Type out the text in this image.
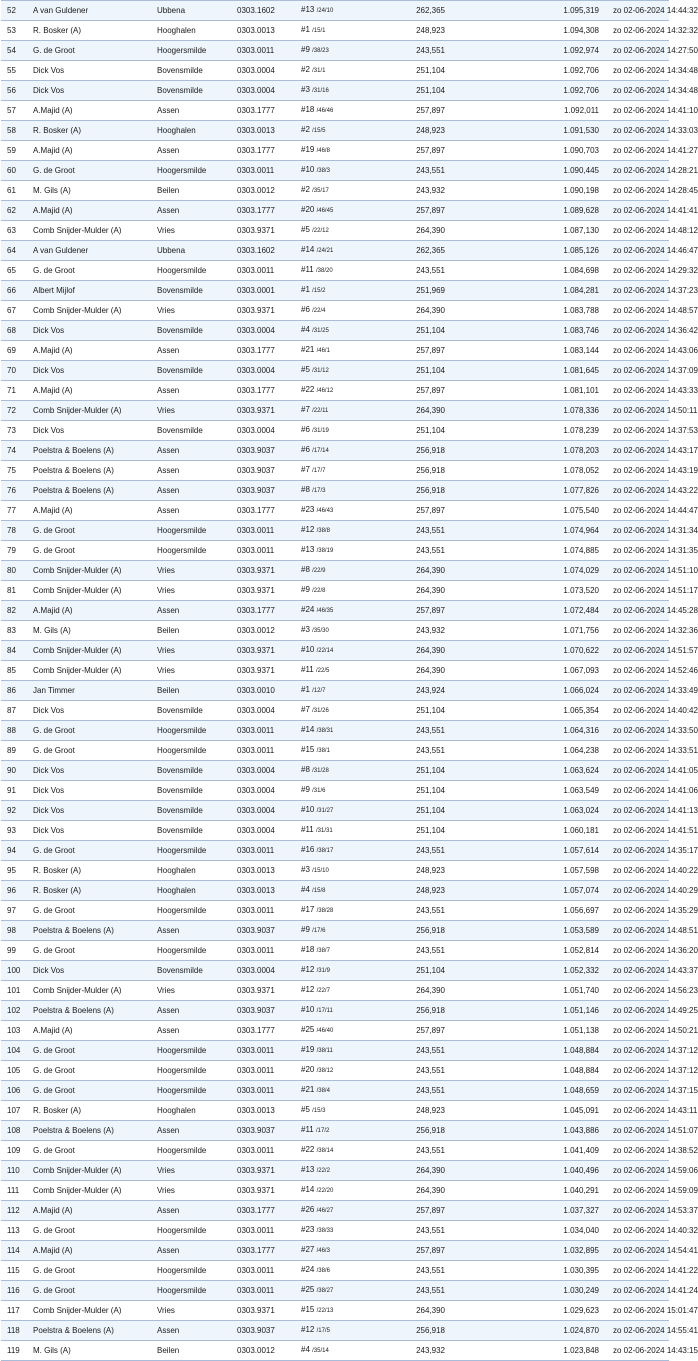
52	A van Guldener	Ubbena	0303.1602	#13 /24/10	262,365	1.095,319	zo 02-06-2024 14:44:32	
53	R. Bosker (A)	Hooghalen	0303.0013	#1 /15/1	248,923	1.094,308	zo 02-06-2024 14:32:32	
54	G. de Groot	Hoogersmilde	0303.0011	#9 /38/23	243,551	1.092,974	zo 02-06-2024 14:27:50	
55	Dick Vos	Bovensmilde	0303.0004	#2 /31/1	251,104	1.092,706	zo 02-06-2024 14:34:48	
56	Dick Vos	Bovensmilde	0303.0004	#3 /31/16	251,104	1.092,706	zo 02-06-2024 14:34:48	
57	A.Majid (A)	Assen	0303.1777	#18 /46/46	257,897	1.092,011	zo 02-06-2024 14:41:10	
58	R. Bosker (A)	Hooghalen	0303.0013	#2 /15/5	248,923	1.091,530	zo 02-06-2024 14:33:03	
59	A.Majid (A)	Assen	0303.1777	#19 /46/8	257,897	1.090,703	zo 02-06-2024 14:41:27	
60	G. de Groot	Hoogersmilde	0303.0011	#10 /38/3	243,551	1.090,445	zo 02-06-2024 14:28:21	
61	M. Gils (A)	Beilen	0303.0012	#2 /35/17	243,932	1.090,198	zo 02-06-2024 14:28:45	
62	A.Majid (A)	Assen	0303.1777	#20 /46/45	257,897	1.089,628	zo 02-06-2024 14:41:41	
63	Comb Snijder-Mulder (A)	Vries	0303.9371	#5 /22/12	264,390	1.087,130	zo 02-06-2024 14:48:12	
64	A van Guldener	Ubbena	0303.1602	#14 /24/21	262,365	1.085,126	zo 02-06-2024 14:46:47	
65	G. de Groot	Hoogersmilde	0303.0011	#11 /38/20	243,551	1.084,698	zo 02-06-2024 14:29:32	
66	Albert Mijlof	Bovensmilde	0303.0001	#1 /15/2	251,969	1.084,281	zo 02-06-2024 14:37:23	
67	Comb Snijder-Mulder (A)	Vries	0303.9371	#6 /22/4	264,390	1.083,788	zo 02-06-2024 14:48:57	
68	Dick Vos	Bovensmilde	0303.0004	#4 /31/25	251,104	1.083,746	zo 02-06-2024 14:36:42	
69	A.Majid (A)	Assen	0303.1777	#21 /46/1	257,897	1.083,144	zo 02-06-2024 14:43:06	
70	Dick Vos	Bovensmilde	0303.0004	#5 /31/12	251,104	1.081,645	zo 02-06-2024 14:37:09	
71	A.Majid (A)	Assen	0303.1777	#22 /46/12	257,897	1.081,101	zo 02-06-2024 14:43:33	
72	Comb Snijder-Mulder (A)	Vries	0303.9371	#7 /22/11	264,390	1.078,336	zo 02-06-2024 14:50:11	
73	Dick Vos	Bovensmilde	0303.0004	#6 /31/19	251,104	1.078,239	zo 02-06-2024 14:37:53	
74	Poelstra & Boelens (A)	Assen	0303.9037	#6 /17/14	256,918	1.078,203	zo 02-06-2024 14:43:17	
75	Poelstra & Boelens (A)	Assen	0303.9037	#7 /17/7	256,918	1.078,052	zo 02-06-2024 14:43:19	
76	Poelstra & Boelens (A)	Assen	0303.9037	#8 /17/3	256,918	1.077,826	zo 02-06-2024 14:43:22	
77	A.Majid (A)	Assen	0303.1777	#23 /46/43	257,897	1.075,540	zo 02-06-2024 14:44:47	
78	G. de Groot	Hoogersmilde	0303.0011	#12 /38/8	243,551	1.074,964	zo 02-06-2024 14:31:34	
79	G. de Groot	Hoogersmilde	0303.0011	#13 /38/19	243,551	1.074,885	zo 02-06-2024 14:31:35	
80	Comb Snijder-Mulder (A)	Vries	0303.9371	#8 /22/9	264,390	1.074,029	zo 02-06-2024 14:51:10	
81	Comb Snijder-Mulder (A)	Vries	0303.9371	#9 /22/8	264,390	1.073,520	zo 02-06-2024 14:51:17	
82	A.Majid (A)	Assen	0303.1777	#24 /46/35	257,897	1.072,484	zo 02-06-2024 14:45:28	
83	M. Gils (A)	Beilen	0303.0012	#3 /35/30	243,932	1.071,756	zo 02-06-2024 14:32:36	
84	Comb Snijder-Mulder (A)	Vries	0303.9371	#10 /22/14	264,390	1.070,622	zo 02-06-2024 14:51:57	
85	Comb Snijder-Mulder (A)	Vries	0303.9371	#11 /22/5	264,390	1.067,093	zo 02-06-2024 14:52:46	
86	Jan Timmer	Beilen	0303.0010	#1 /12/7	243,924	1.066,024	zo 02-06-2024 14:33:49	
87	Dick Vos	Bovensmilde	0303.0004	#7 /31/26	251,104	1.065,354	zo 02-06-2024 14:40:42	
88	G. de Groot	Hoogersmilde	0303.0011	#14 /38/31	243,551	1.064,316	zo 02-06-2024 14:33:50	
89	G. de Groot	Hoogersmilde	0303.0011	#15 /38/1	243,551	1.064,238	zo 02-06-2024 14:33:51	
90	Dick Vos	Bovensmilde	0303.0004	#8 /31/28	251,104	1.063,624	zo 02-06-2024 14:41:05	
91	Dick Vos	Bovensmilde	0303.0004	#9 /31/6	251,104	1.063,549	zo 02-06-2024 14:41:06	
92	Dick Vos	Bovensmilde	0303.0004	#10 /31/27	251,104	1.063,024	zo 02-06-2024 14:41:13	
93	Dick Vos	Bovensmilde	0303.0004	#11 /31/31	251,104	1.060,181	zo 02-06-2024 14:41:51	
94	G. de Groot	Hoogersmilde	0303.0011	#16 /38/17	243,551	1.057,614	zo 02-06-2024 14:35:17	
95	R. Bosker (A)	Hooghalen	0303.0013	#3 /15/10	248,923	1.057,598	zo 02-06-2024 14:40:22	
96	R. Bosker (A)	Hooghalen	0303.0013	#4 /15/8	248,923	1.057,074	zo 02-06-2024 14:40:29	
97	G. de Groot	Hoogersmilde	0303.0011	#17 /38/28	243,551	1.056,697	zo 02-06-2024 14:35:29	
98	Poelstra & Boelens (A)	Assen	0303.9037	#9 /17/6	256,918	1.053,589	zo 02-06-2024 14:48:51	
99	G. de Groot	Hoogersmilde	0303.0011	#18 /38/7	243,551	1.052,814	zo 02-06-2024 14:36:20	
100	Dick Vos	Bovensmilde	0303.0004	#12 /31/9	251,104	1.052,332	zo 02-06-2024 14:43:37	
101	Comb Snijder-Mulder (A)	Vries	0303.9371	#12 /22/7	264,390	1.051,740	zo 02-06-2024 14:56:23	
102	Poelstra & Boelens (A)	Assen	0303.9037	#10 /17/11	256,918	1.051,146	zo 02-06-2024 14:49:25	
103	A.Majid (A)	Assen	0303.1777	#25 /46/40	257,897	1.051,138	zo 02-06-2024 14:50:21	
104	G. de Groot	Hoogersmilde	0303.0011	#19 /38/11	243,551	1.048,884	zo 02-06-2024 14:37:12	
105	G. de Groot	Hoogersmilde	0303.0011	#20 /38/12	243,551	1.048,884	zo 02-06-2024 14:37:12	
106	G. de Groot	Hoogersmilde	0303.0011	#21 /38/4	243,551	1.048,659	zo 02-06-2024 14:37:15	
107	R. Bosker (A)	Hooghalen	0303.0013	#5 /15/3	248,923	1.045,091	zo 02-06-2024 14:43:11	
108	Poelstra & Boelens (A)	Assen	0303.9037	#11 /17/2	256,918	1.043,886	zo 02-06-2024 14:51:07	
109	G. de Groot	Hoogersmilde	0303.0011	#22 /38/14	243,551	1.041,409	zo 02-06-2024 14:38:52	
110	Comb Snijder-Mulder (A)	Vries	0303.9371	#13 /22/2	264,390	1.040,496	zo 02-06-2024 14:59:06	
111	Comb Snijder-Mulder (A)	Vries	0303.9371	#14 /22/20	264,390	1.040,291	zo 02-06-2024 14:59:09	
112	A.Majid (A)	Assen	0303.1777	#26 /46/27	257,897	1.037,327	zo 02-06-2024 14:53:37	
113	G. de Groot	Hoogersmilde	0303.0011	#23 /38/33	243,551	1.034,040	zo 02-06-2024 14:40:32	
114	A.Majid (A)	Assen	0303.1777	#27 /46/3	257,897	1.032,895	zo 02-06-2024 14:54:41	
115	G. de Groot	Hoogersmilde	0303.0011	#24 /38/6	243,551	1.030,395	zo 02-06-2024 14:41:22	
116	G. de Groot	Hoogersmilde	0303.0011	#25 /38/27	243,551	1.030,249	zo 02-06-2024 14:41:24	
117	Comb Snijder-Mulder (A)	Vries	0303.9371	#15 /22/13	264,390	1.029,623	zo 02-06-2024 15:01:47	
118	Poelstra & Boelens (A)	Assen	0303.9037	#12 /17/5	256,918	1.024,870	zo 02-06-2024 14:55:41	
119	M. Gils (A)	Beilen	0303.0012	#4 /35/14	243,932	1.023,848	zo 02-06-2024 14:43:15	
